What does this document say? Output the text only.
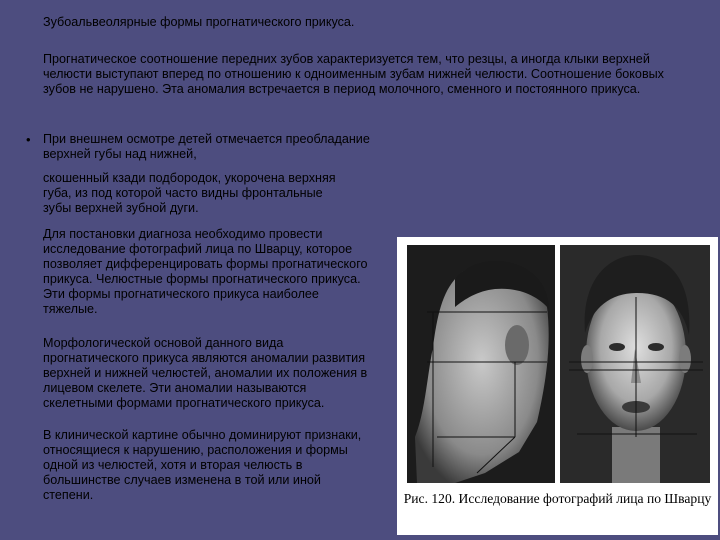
Зубоальвеолярные формы прогнатического прикуса.

Прогнатическое соотношение передних зубов характеризуется тем, что резцы, а иногда клыки верхней челюсти выступают вперед по отношению к одноименным зубам нижней челюсти. Соотношение боковых зубов не нарушено. Эта аномалия встречается в период молочного, сменного и постоянного прикуса.

• При внешнем осмотре детей отмечается преобладание верхней губы над нижней,

скошенный кзади подбородок, укорочена верхняя губа, из под которой часто видны фронтальные зубы верхней зубной дуги.

Для постановки диагноза необходимо провести исследование фотографий лица по Шварцу, которое позволяет дифференцировать формы прогнатического прикуса. Челюстные формы прогнатического прикуса. Эти формы прогнатического прикуса наиболее тяжелые.

Морфологической основой данного вида прогнатического прикуса являются аномалии развития верхней и нижней челюстей, аномалии их положения в лицевом скелете. Эти аномалии называются скелетными формами прогнатического прикуса.

В клинической картине обычно доминируют признаки, относящиеся к нарушению, расположения и формы одной из челюстей, хотя и вторая челюсть в большинстве случаев изменена в той или иной степени.	Рис. 120. Исследование фотографий лица по Шварцу
